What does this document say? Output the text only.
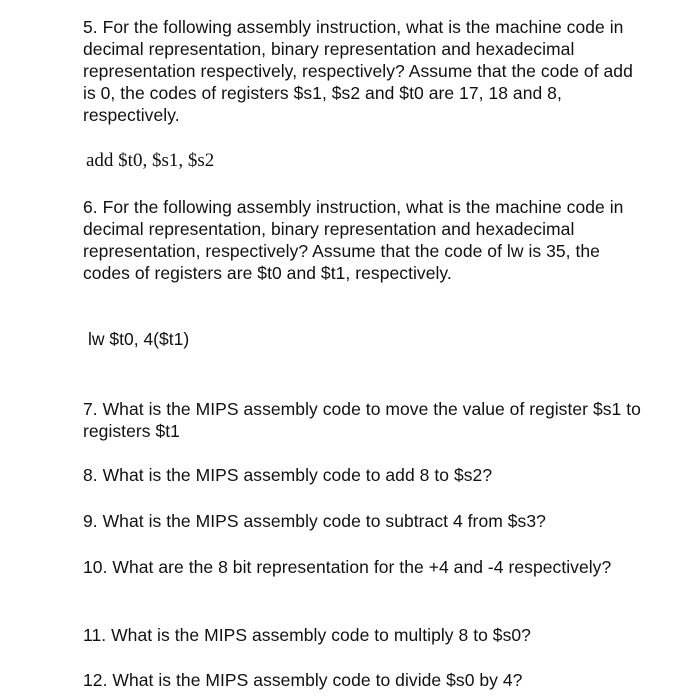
5. For the following assembly instruction, what is the machine code in decimal representation, binary representation and hexadecimal representation respectively, respectively? Assume that the code of add is 0, the codes of registers $s1, $s2 and $t0 are 17, 18 and 8, respectively.

add $t0, $s1, $s2

6. For the following assembly instruction, what is the machine code in decimal representation, binary representation and hexadecimal representation, respectively? Assume that the code of lw is 35, the codes of registers are $t0 and $t1, respectively.

lw $t0, 4($t1)

7. What is the MIPS assembly code to move the value of register $s1 to registers $t1

8. What is the MIPS assembly code to add 8 to $s2?

9. What is the MIPS assembly code to subtract 4 from $s3?

10. What are the 8 bit representation for the +4 and -4 respectively?

11. What is the MIPS assembly code to multiply 8 to $s0?

12. What is the MIPS assembly code to divide $s0 by 4?
